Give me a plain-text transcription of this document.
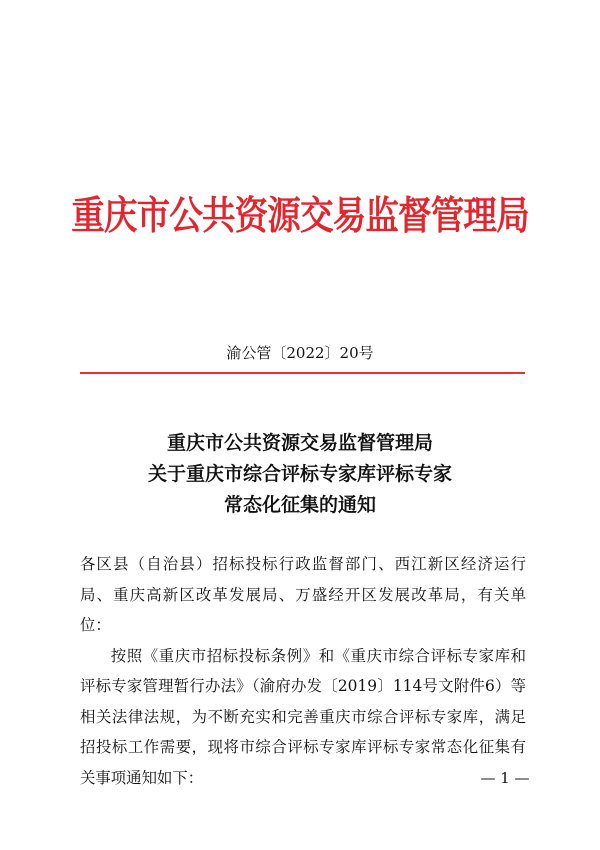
重庆市公共资源交易监督管理局
渝公管〔2022〕20号
重庆市公共资源交易监督管理局
关于重庆市综合评标专家库评标专家
常态化征集的通知

各区县（自治县）招标投标行政监督部门、西江新区经济运行局、重庆高新区改革发展局、万盛经开区发展改革局，有关单位：

按照《重庆市招标投标条例》和《重庆市综合评标专家库和评标专家管理暂行办法》（渝府办发〔2019〕114号文附件6）等相关法律法规，为不断充实和完善重庆市综合评标专家库，满足招投标工作需要，现将市综合评标专家库评标专家常态化征集有关事项通知如下：	— 1 —
